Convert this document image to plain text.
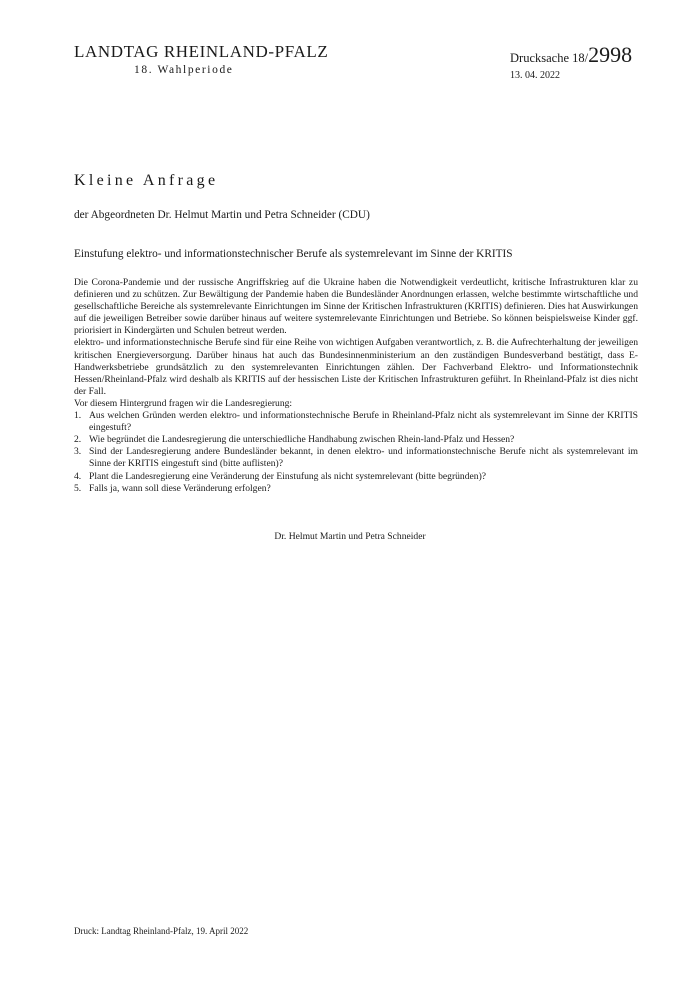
LANDTAG RHEINLAND-PFALZ
18. Wahlperiode
Drucksache 18/2998
13. 04. 2022
Kleine Anfrage
der Abgeordneten Dr. Helmut Martin und Petra Schneider (CDU)
Einstufung elektro- und informationstechnischer Berufe als systemrelevant im Sinne der KRITIS

Die Corona-Pandemie und der russische Angriffskrieg auf die Ukraine haben die Notwendigkeit verdeutlicht, kritische Infrastrukturen klar zu definieren und zu schützen. Zur Bewältigung der Pandemie haben die Bundesländer Anordnungen erlassen, welche bestimmte wirtschaftliche und gesellschaftliche Bereiche als systemrelevante Einrichtungen im Sinne der Kritischen Infrastrukturen (KRITIS) definieren. Dies hat Auswirkungen auf die jeweiligen Betreiber sowie darüber hinaus auf weitere systemrelevante Einrichtungen und Betriebe. So können beispielsweise Kinder ggf. priorisiert in Kindergärten und Schulen betreut werden.

elektro- und informationstechnische Berufe sind für eine Reihe von wichtigen Aufgaben verantwortlich, z. B. die Aufrechterhaltung der jeweiligen kritischen Energieversorgung. Darüber hinaus hat auch das Bundesinnenministerium an den zuständigen Bundesverband bestätigt, dass E-Handwerksbetriebe grundsätzlich zu den systemrelevanten Einrichtungen zählen. Der Fachverband Elektro- und Informationstechnik Hessen/Rheinland-Pfalz wird deshalb als KRITIS auf der hessischen Liste der Kritischen Infrastrukturen geführt. In Rheinland-Pfalz ist dies nicht der Fall.

Vor diesem Hintergrund fragen wir die Landesregierung:

1. Aus welchen Gründen werden elektro- und informationstechnische Berufe in Rheinland-Pfalz nicht als systemrelevant im Sinne der KRITIS eingestuft?
2. Wie begründet die Landesregierung die unterschiedliche Handhabung zwischen Rhein-land-Pfalz und Hessen?
3. Sind der Landesregierung andere Bundesländer bekannt, in denen elektro- und informationstechnische Berufe nicht als systemrelevant im Sinne der KRITIS eingestuft sind (bitte auflisten)?
4. Plant die Landesregierung eine Veränderung der Einstufung als nicht systemrelevant (bitte begründen)?
5. Falls ja, wann soll diese Veränderung erfolgen?
Dr. Helmut Martin und Petra Schneider
Druck: Landtag Rheinland-Pfalz, 19. April 2022
